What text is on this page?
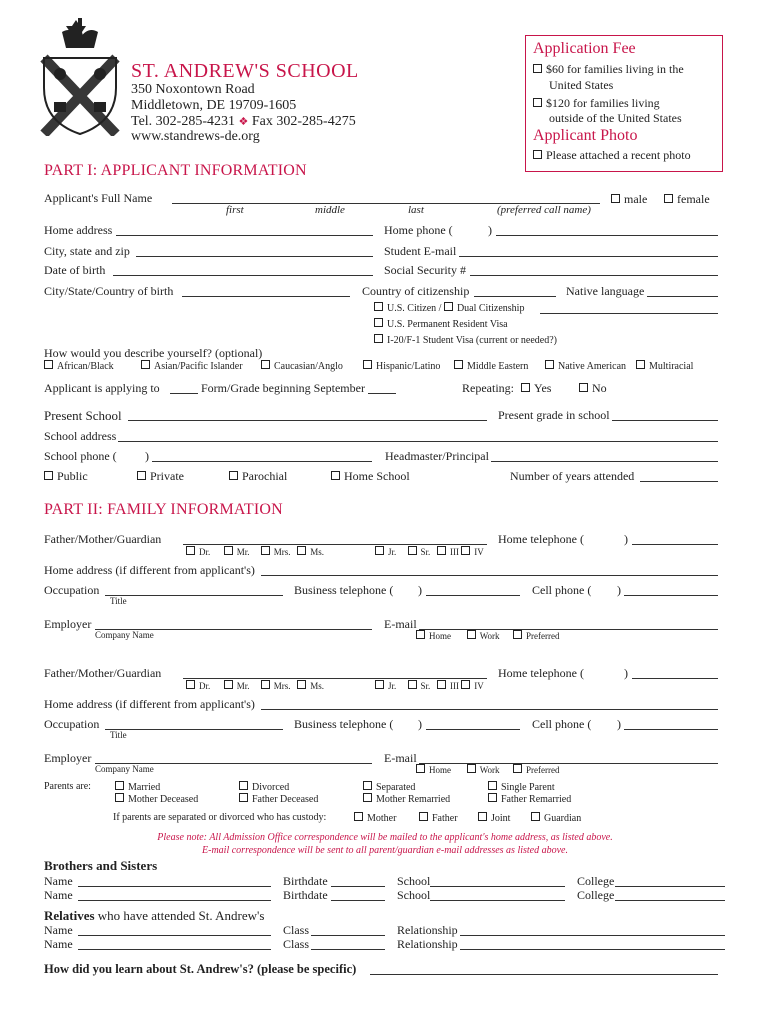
ST. ANDREW'S SCHOOL
350 Noxontown Road
Middletown, DE 19709-1605
Tel. 302-285-4231 ❖ Fax 302-285-4275
www.standrews-de.org
Application Fee
$60 for families living in the
United States
$120 for families living
outside of the United States
Applicant Photo
Please attached a recent photo
PART I: APPLICANT INFORMATION
Applicant's Full Name	male	female
first	middle	last	(preferred call name)
Home address	Home phone (	)
City, state and zip	Student E-mail
Date of birth	Social Security #
City/State/Country of birth	Country of citizenship	Native language
U.S. Citizen / Dual Citizenship
U.S. Permanent Resident Visa
I-20/F-1 Student Visa (current or needed?)
How would you describe yourself? (optional)
African/Black	Asian/Pacific Islander	Caucasian/Anglo	Hispanic/Latino	Middle Eastern	Native American	Multiracial
Applicant is applying to	Form/Grade beginning September	Repeating:	Yes	No
Present School	Present grade in school
School address
School phone ( )	Headmaster/Principal
Public	Private	Parochial	Home School	Number of years attended
PART II: FAMILY INFORMATION
Father/Mother/Guardian	Home telephone (	)
Dr.	Mr.	Mrs. Ms.	Jr.	Sr. III IV
Home address (if different from applicant's)
Occupation
Title
Business telephone ( )	Cell phone ( )
Employer
Company Name
E-mail
Home	Work	Preferred
Father/Mother/Guardian	Home telephone (	)
Dr.	Mr.	Mrs. Ms.	Jr.	Sr. III IV
Home address (if different from applicant's)
Occupation
Title
Business telephone ( )	Cell phone ( )
Employer
Company Name
E-mail
Home	Work	Preferred
Parents are:	Married
Mother Deceased
Divorced
Father Deceased
Separated
Mother Remarried
Single Parent
Father Remarried
If parents are separated or divorced who has custody:	Mother	Father	Joint	Guardian
Please note: All Admission Office correspondence will be mailed to the applicant's home address, as listed above.
E-mail correspondence will be sent to all parent/guardian e-mail addresses as listed above.
Brothers and Sisters
Name	Birthdate	School	College
Name	Birthdate	School	College
Relatives who have attended St. Andrew's
Name	Class	Relationship
Name	Class	Relationship
How did you learn about St. Andrew's? (please be specific)
